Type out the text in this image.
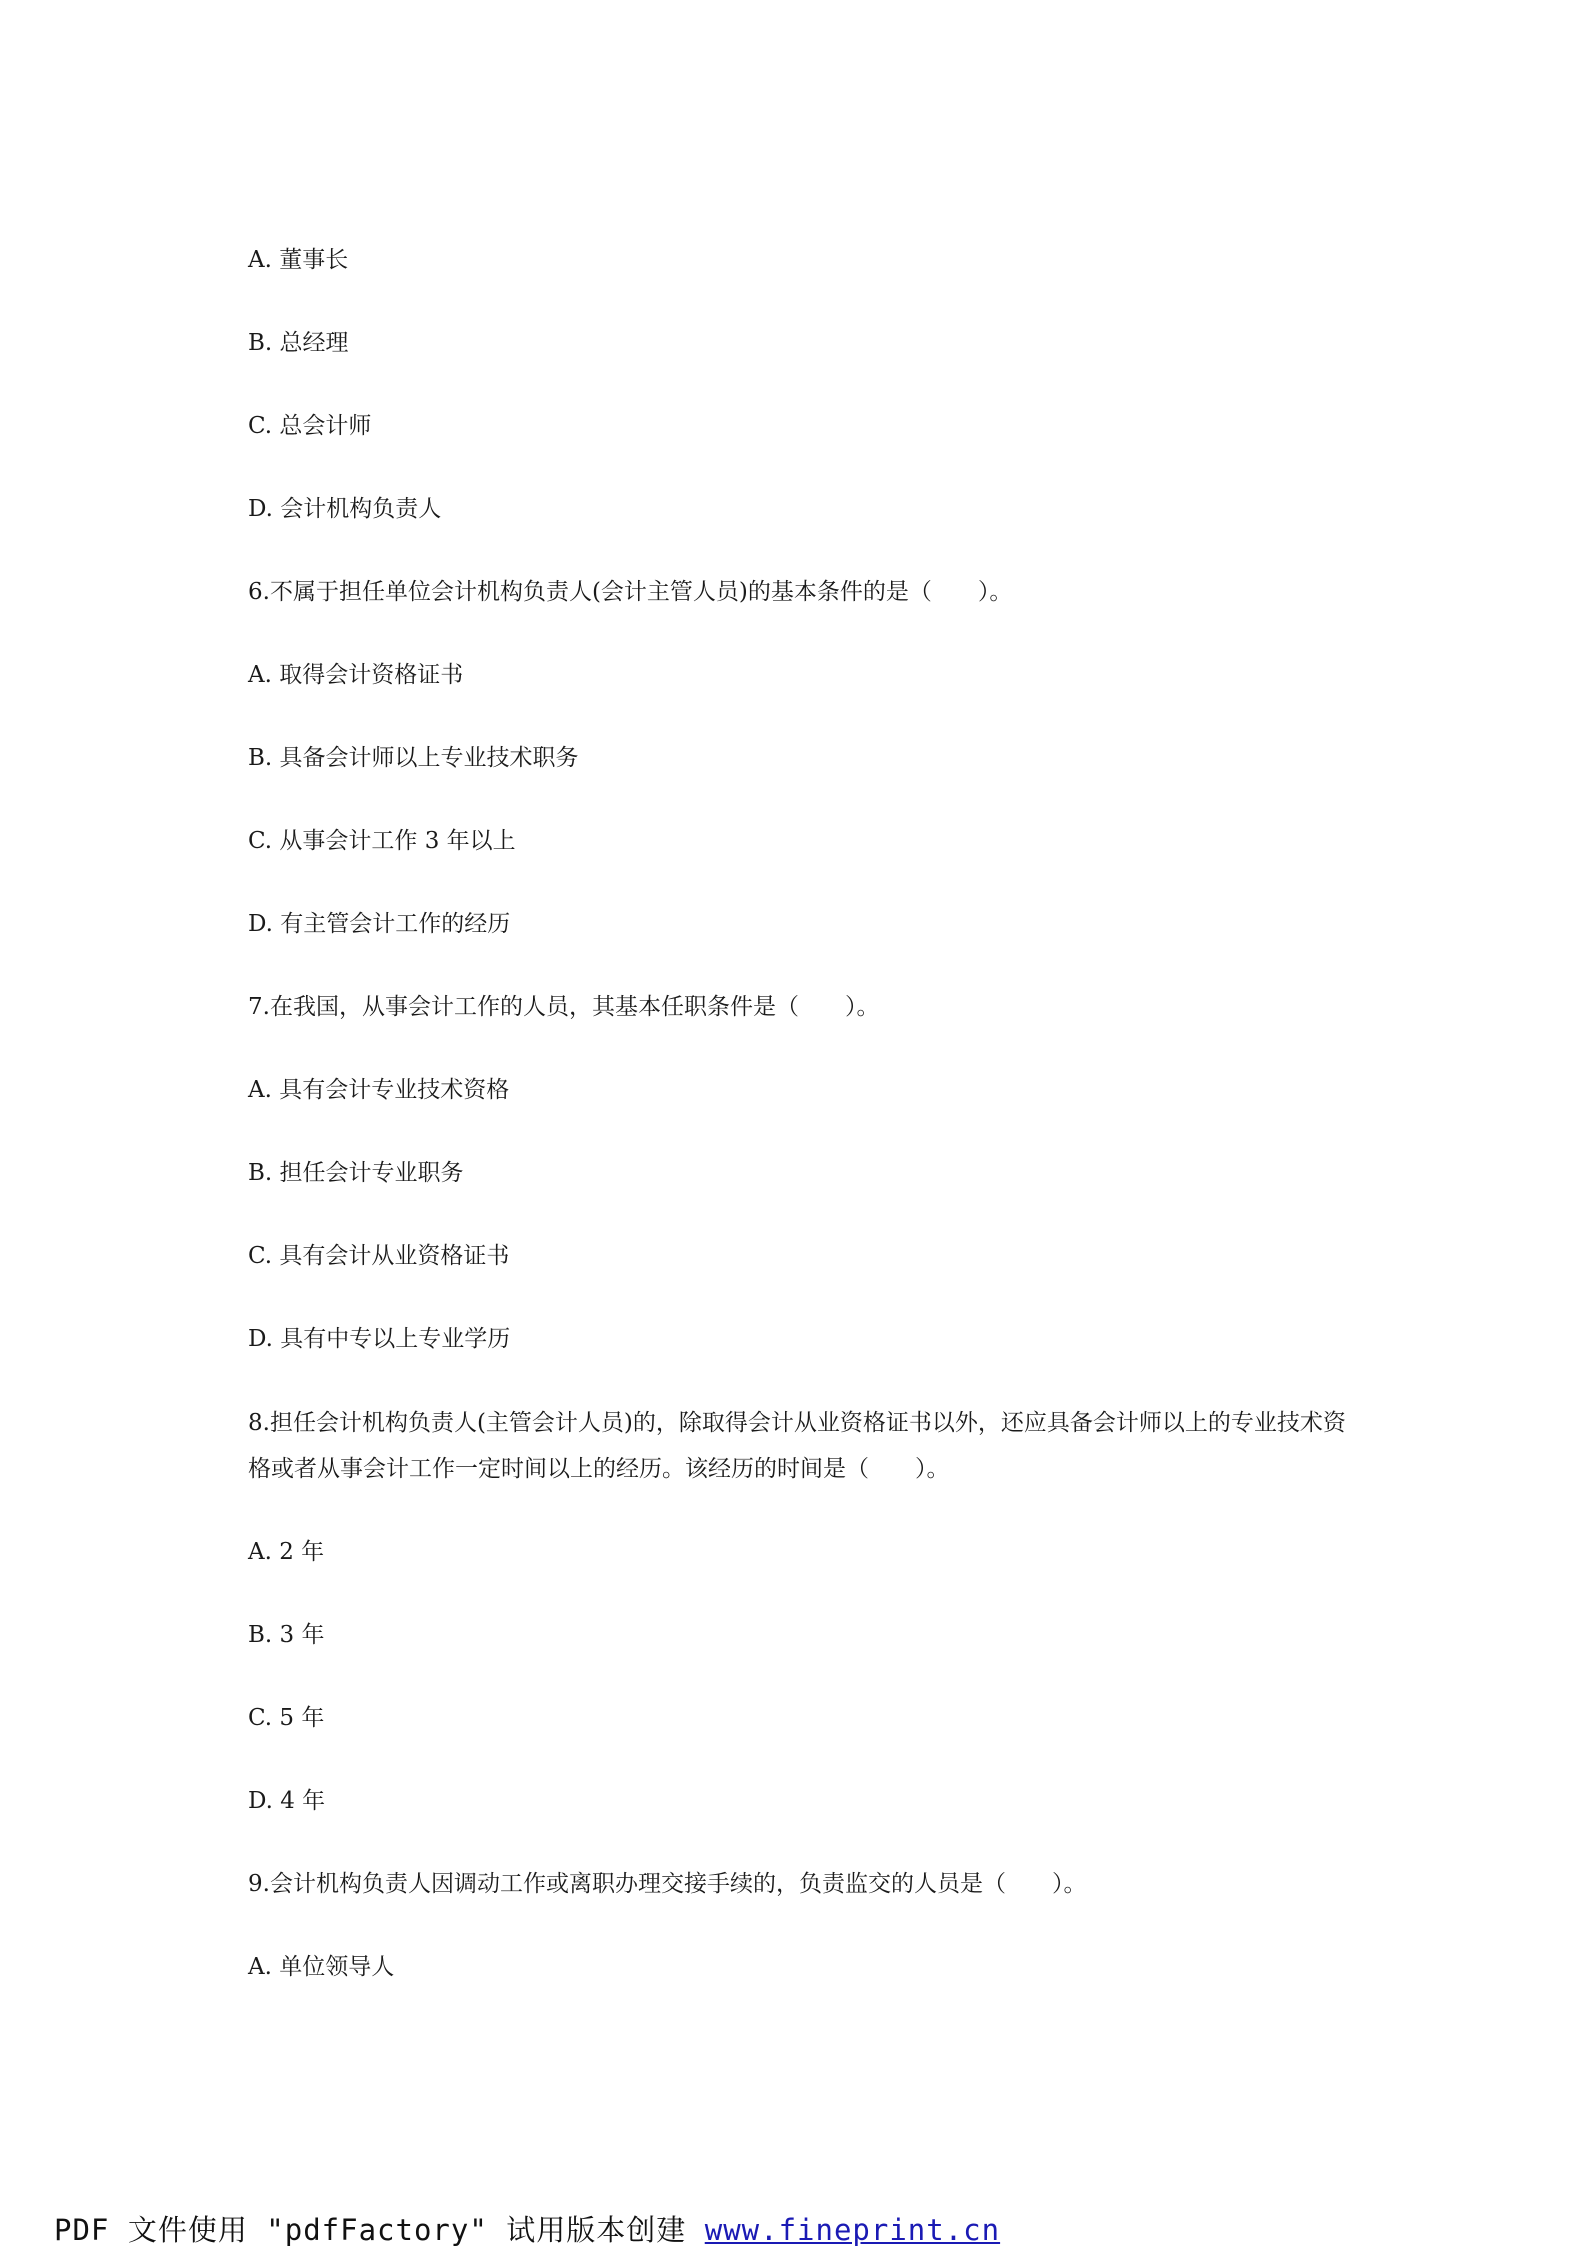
A. 董事长
B. 总经理
C. 总会计师
D. 会计机构负责人
6.不属于担任单位会计机构负责人(会计主管人员)的基本条件的是（　　）。
A. 取得会计资格证书
B. 具备会计师以上专业技术职务
C. 从事会计工作 3 年以上
D. 有主管会计工作的经历
7.在我国，从事会计工作的人员，其基本任职条件是（　　）。
A. 具有会计专业技术资格
B. 担任会计专业职务
C. 具有会计从业资格证书
D. 具有中专以上专业学历
8.担任会计机构负责人(主管会计人员)的，除取得会计从业资格证书以外，还应具备会计师以上的专业技术资格或者从事会计工作一定时间以上的经历。该经历的时间是（　　）。
A. 2 年
B. 3 年
C. 5 年
D. 4 年
9.会计机构负责人因调动工作或离职办理交接手续的，负责监交的人员是（　　）。
A. 单位领导人
PDF 文件使用 "pdfFactory" 试用版本创建 www.fineprint.cn
